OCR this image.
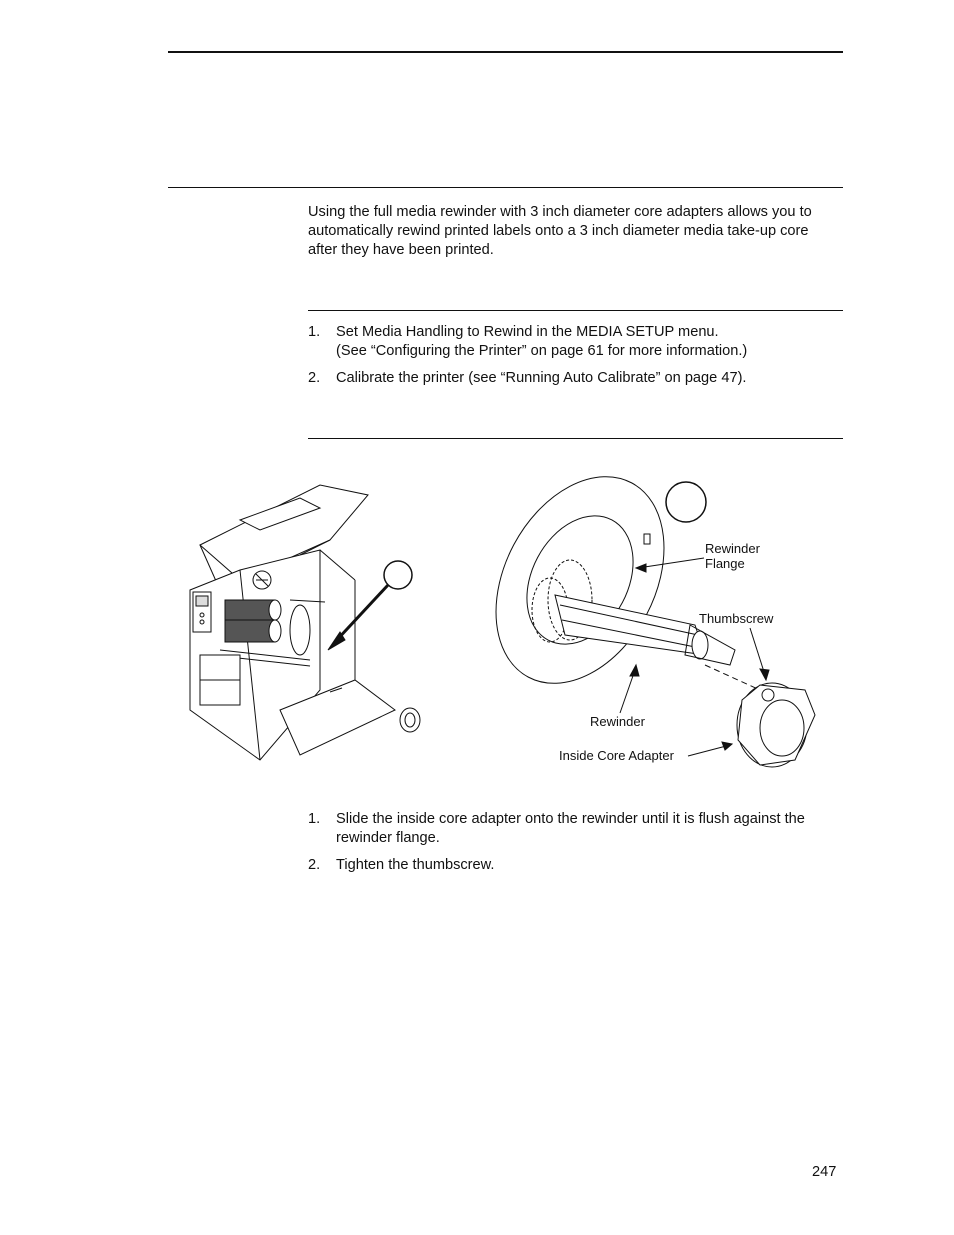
Using the full media rewinder with 3 inch diameter core adapters allows you to
automatically rewind printed labels onto a 3 inch diameter media take-up core
after they have been printed.
1. Set Media Handling to Rewind in the MEDIA SETUP menu.
(See “Configuring the Printer” on page 61 for more information.)
2. Calibrate the printer (see “Running Auto Calibrate” on page 47).
Rewinder
Flange
Thumbscrew
Rewinder
Inside Core Adapter
1. Slide the inside core adapter onto the rewinder until it is flush against the
rewinder flange.
2. Tighten the thumbscrew.
247
